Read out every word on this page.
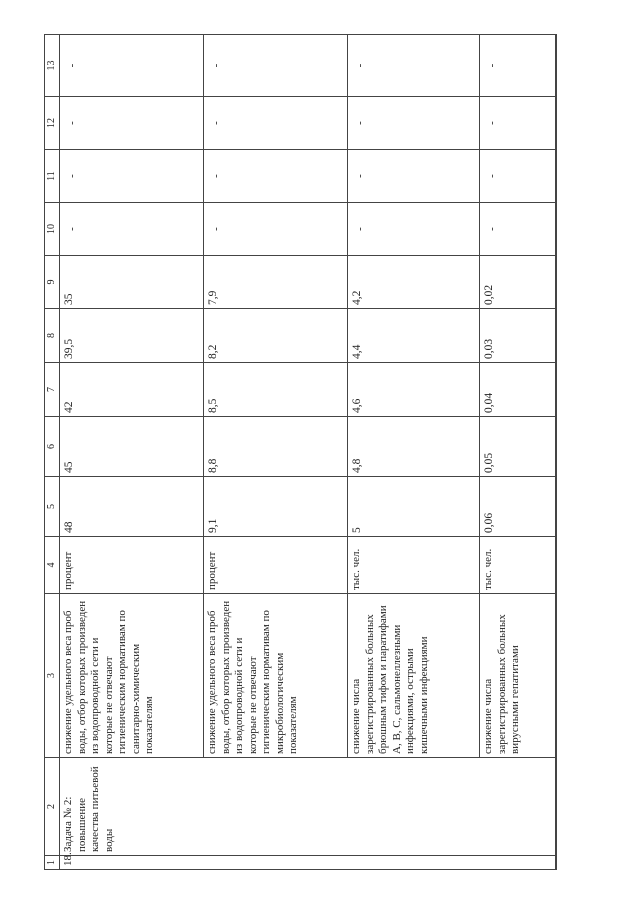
1	2	3	4	5	6	7	8	9	10	11	12	13
18.	Задача № 2: повышение качества питьевой воды	снижение удельного веса проб воды, отбор которых произведен из водопроводной сети и которые не отвечают гигиеническим нормативам по санитарно-химическим показателям	процент	48	45	42	39,5	35	-	-	-	-
		снижение удельного веса проб воды, отбор которых произведен из водопроводной сети и которые не отвечают гигиеническим нормативам по микробиологическим показателям	процент	9,1	8,8	8,5	8,2	7,9	-	-	-	-
		снижение числа зарегистрированных больных брюшным тифом и паратифами А, В, С, сальмонеллезными инфекциями, острыми кишечными инфекциями	тыс. чел.	5	4,8	4,6	4,4	4,2	-	-	-	-
		снижение числа зарегистрированных больных вирусными гепатитами	тыс. чел.	0,06	0,05	0,04	0,03	0,02	-	-	-	-
